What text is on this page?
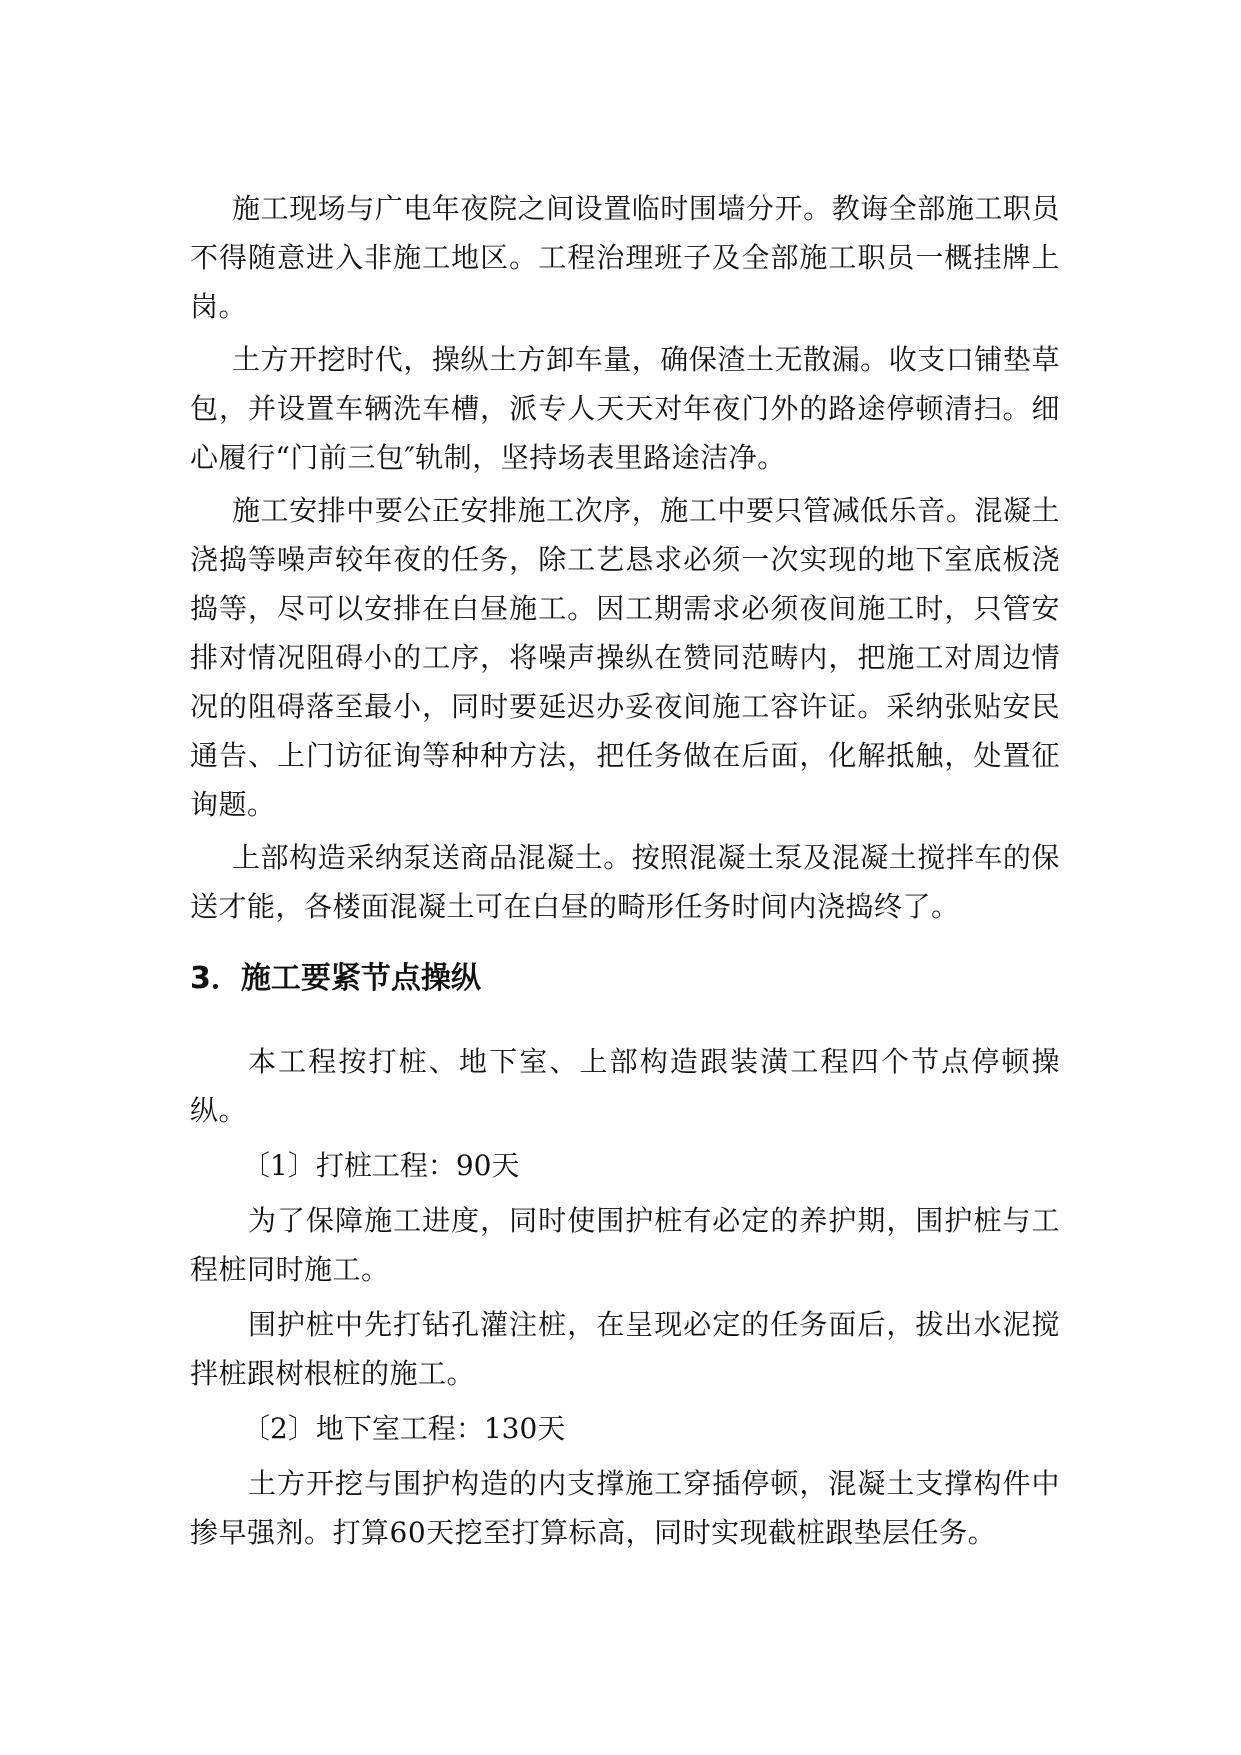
施工现场与广电年夜院之间设置临时围墙分开。教诲全部施工职员不得随意进入非施工地区。工程治理班子及全部施工职员一概挂牌上岗。

土方开挖时代，操纵土方卸车量，确保渣土无散漏。收支口铺垫草包，并设置车辆洗车槽，派专人天天对年夜门外的路途停顿清扫。细心履行“门前三包″轨制，坚持场表里路途洁净。

施工安排中要公正安排施工次序，施工中要只管减低乐音。混凝土浇捣等噪声较年夜的任务，除工艺恳求必须一次实现的地下室底板浇捣等，尽可以安排在白昼施工。因工期需求必须夜间施工时，只管安排对情况阻碍小的工序，将噪声操纵在赞同范畴内，把施工对周边情况的阻碍落至最小，同时要延迟办妥夜间施工容许证。采纳张贴安民通告、上门访征询等种种方法，把任务做在后面，化解抵触，处置征询题。

上部构造采纳泵送商品混凝土。按照混凝土泵及混凝土搅拌车的保送才能，各楼面混凝土可在白昼的畸形任务时间内浇捣终了。

3．施工要紧节点操纵

本工程按打桩、地下室、上部构造跟装潢工程四个节点停顿操纵。

〔1〕打桩工程：90天

为了保障施工进度，同时使围护桩有必定的养护期，围护桩与工程桩同时施工。

围护桩中先打钻孔灌注桩，在呈现必定的任务面后，拔出水泥搅拌桩跟树根桩的施工。

〔2〕地下室工程：130天

土方开挖与围护构造的内支撑施工穿插停顿，混凝土支撑构件中掺早强剂。打算60天挖至打算标高，同时实现截桩跟垫层任务。
